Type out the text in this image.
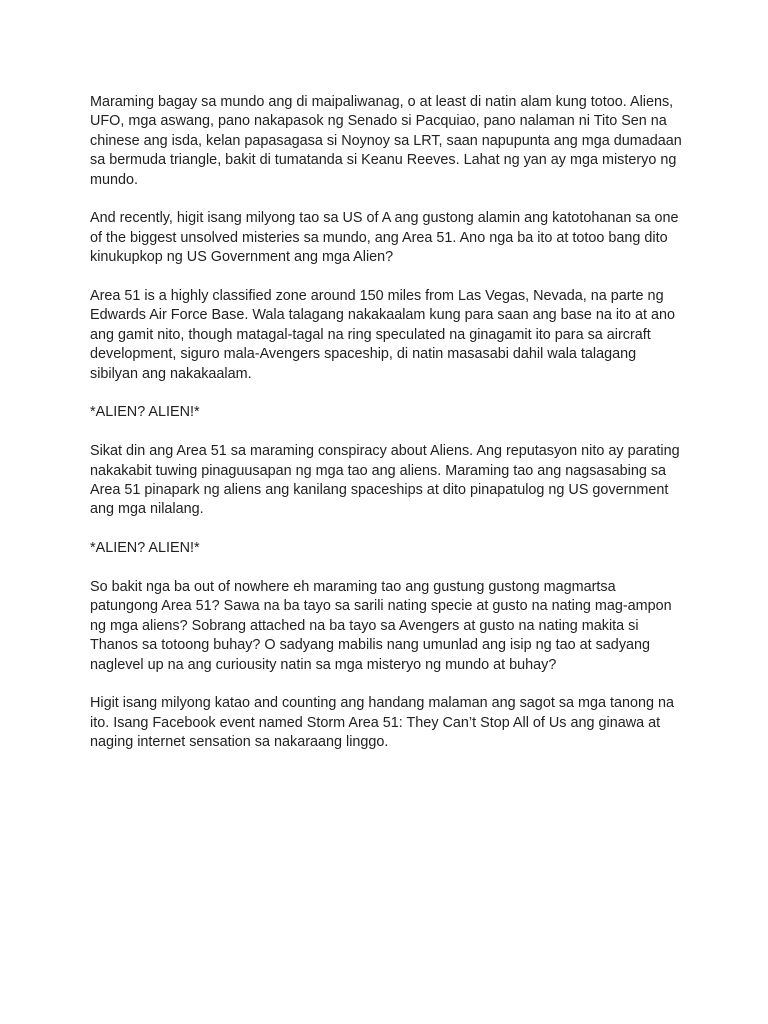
Maraming bagay sa mundo ang di maipaliwanag, o at least di natin alam kung totoo. Aliens, UFO, mga aswang, pano nakapasok ng Senado si Pacquiao, pano nalaman ni Tito Sen na chinese ang isda, kelan papasagasa si Noynoy sa LRT, saan napupunta ang mga dumadaan sa bermuda triangle, bakit di tumatanda si Keanu Reeves. Lahat ng yan ay mga misteryo ng mundo.

And recently, higit isang milyong tao sa US of A ang gustong alamin ang katotohanan sa one of the biggest unsolved misteries sa mundo, ang Area 51. Ano nga ba ito at totoo bang dito kinukupkop ng US Government ang mga Alien?

Area 51 is a highly classified zone around 150 miles from Las Vegas, Nevada, na parte ng Edwards Air Force Base. Wala talagang nakakaalam kung para saan ang base na ito at ano ang gamit nito, though matagal-tagal na ring speculated na ginagamit ito para sa aircraft development, siguro mala-Avengers spaceship, di natin masasabi dahil wala talagang sibilyan ang nakakaalam.

*ALIEN? ALIEN!*

Sikat din ang Area 51 sa maraming conspiracy about Aliens. Ang reputasyon nito ay parating nakakabit tuwing pinaguusapan ng mga tao ang aliens. Maraming tao ang nagsasabing sa Area 51 pinapark ng aliens ang kanilang spaceships at dito pinapatulog ng US government ang mga nilalang.

*ALIEN? ALIEN!*

So bakit nga ba out of nowhere eh maraming tao ang gustung gustong magmartsa patungong Area 51? Sawa na ba tayo sa sarili nating specie at gusto na nating mag-ampon ng mga aliens? Sobrang attached na ba tayo sa Avengers at gusto na nating makita si Thanos sa totoong buhay? O sadyang mabilis nang umunlad ang isip ng tao at sadyang naglevel up na ang curiousity natin sa mga misteryo ng mundo at buhay?

Higit isang milyong katao and counting ang handang malaman ang sagot sa mga tanong na ito. Isang Facebook event named Storm Area 51: They Can’t Stop All of Us ang ginawa at naging internet sensation sa nakaraang linggo.
